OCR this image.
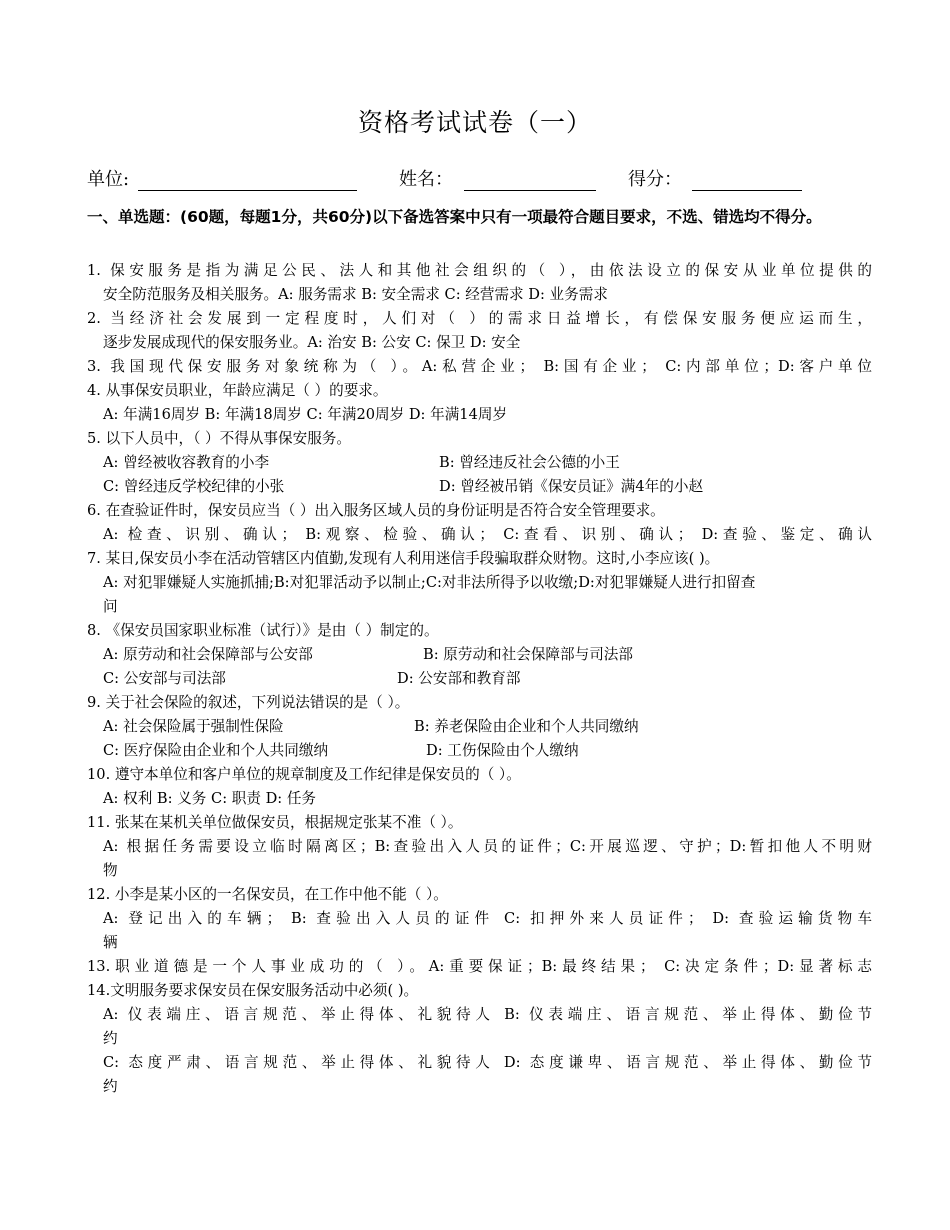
资格考试试卷（一）
单位:	姓名：	得分：
一、单选题：(60题，每题1分，共60分)以下备选答案中只有一项最符合题目要求，不选、错选均不得分。
1. 保安服务是指为满足公民、法人和其他社会组织的（ ），由依法设立的保安从业单位提供的
安全防范服务及相关服务。A: 服务需求 B: 安全需求 C: 经营需求 D: 业务需求
2. 当经济社会发展到一定程度时，人们对（ ）的需求日益增长，有偿保安服务便应运而生，
逐步发展成现代的保安服务业。A: 治安 B: 公安 C: 保卫 D: 安全
3. 我国现代保安服务对象统称为（ ）。A:私营企业； B:国有企业； C:内部单位；D:客户单位
4. 从事保安员职业，年龄应满足（ ）的要求。
A: 年满16周岁 B: 年满18周岁 C: 年满20周岁 D: 年满14周岁
5. 以下人员中，（ ）不得从事保安服务。
A: 曾经被收容教育的小李	B: 曾经违反社会公德的小王
C: 曾经违反学校纪律的小张	D: 曾经被吊销《保安员证》满4年的小赵
6. 在查验证件时，保安员应当（ ）出入服务区域人员的身份证明是否符合安全管理要求。
A: 检查、识别、确认； B:观察、检验、确认； C:查看、识别、确认； D:查验、鉴定、确认
7. 某日,保安员小李在活动管辖区内值勤,发现有人利用迷信手段骗取群众财物。这时,小李应该( )。
A: 对犯罪嫌疑人实施抓捕;B:对犯罪活动予以制止;C:对非法所得予以收缴;D:对犯罪嫌疑人进行扣留查
问
8. 《保安员国家职业标准（试行）》是由（ ）制定的。
A: 原劳动和社会保障部与公安部	B: 原劳动和社会保障部与司法部
C: 公安部与司法部	D: 公安部和教育部
9. 关于社会保险的叙述，下列说法错误的是（ ）。
A: 社会保险属于强制性保险	B: 养老保险由企业和个人共同缴纳
C: 医疗保险由企业和个人共同缴纳	D: 工伤保险由个人缴纳
10. 遵守本单位和客户单位的规章制度及工作纪律是保安员的（ ）。
A: 权利 B: 义务 C: 职责 D: 任务
11. 张某在某机关单位做保安员，根据规定张某不准（ ）。
A: 根据任务需要设立临时隔离区；B:查验出入人员的证件；C:开展巡逻、守护；D:暂扣他人不明财
物
12. 小李是某小区的一名保安员，在工作中他不能（ ）。
A: 登记出入的车辆； B: 查验出入人员的证件 C: 扣押外来人员证件； D: 查验运输货物车
辆
13.职业道德是一个人事业成功的（ ）。A:重要保证；B:最终结果； C:决定条件；D:显著标志
14.文明服务要求保安员在保安服务活动中必须( )。
A: 仪表端庄、语言规范、举止得体、礼貌待人 B: 仪表端庄、语言规范、举止得体、勤俭节
约
C: 态度严肃、语言规范、举止得体、礼貌待人 D: 态度谦卑、语言规范、举止得体、勤俭节
约
